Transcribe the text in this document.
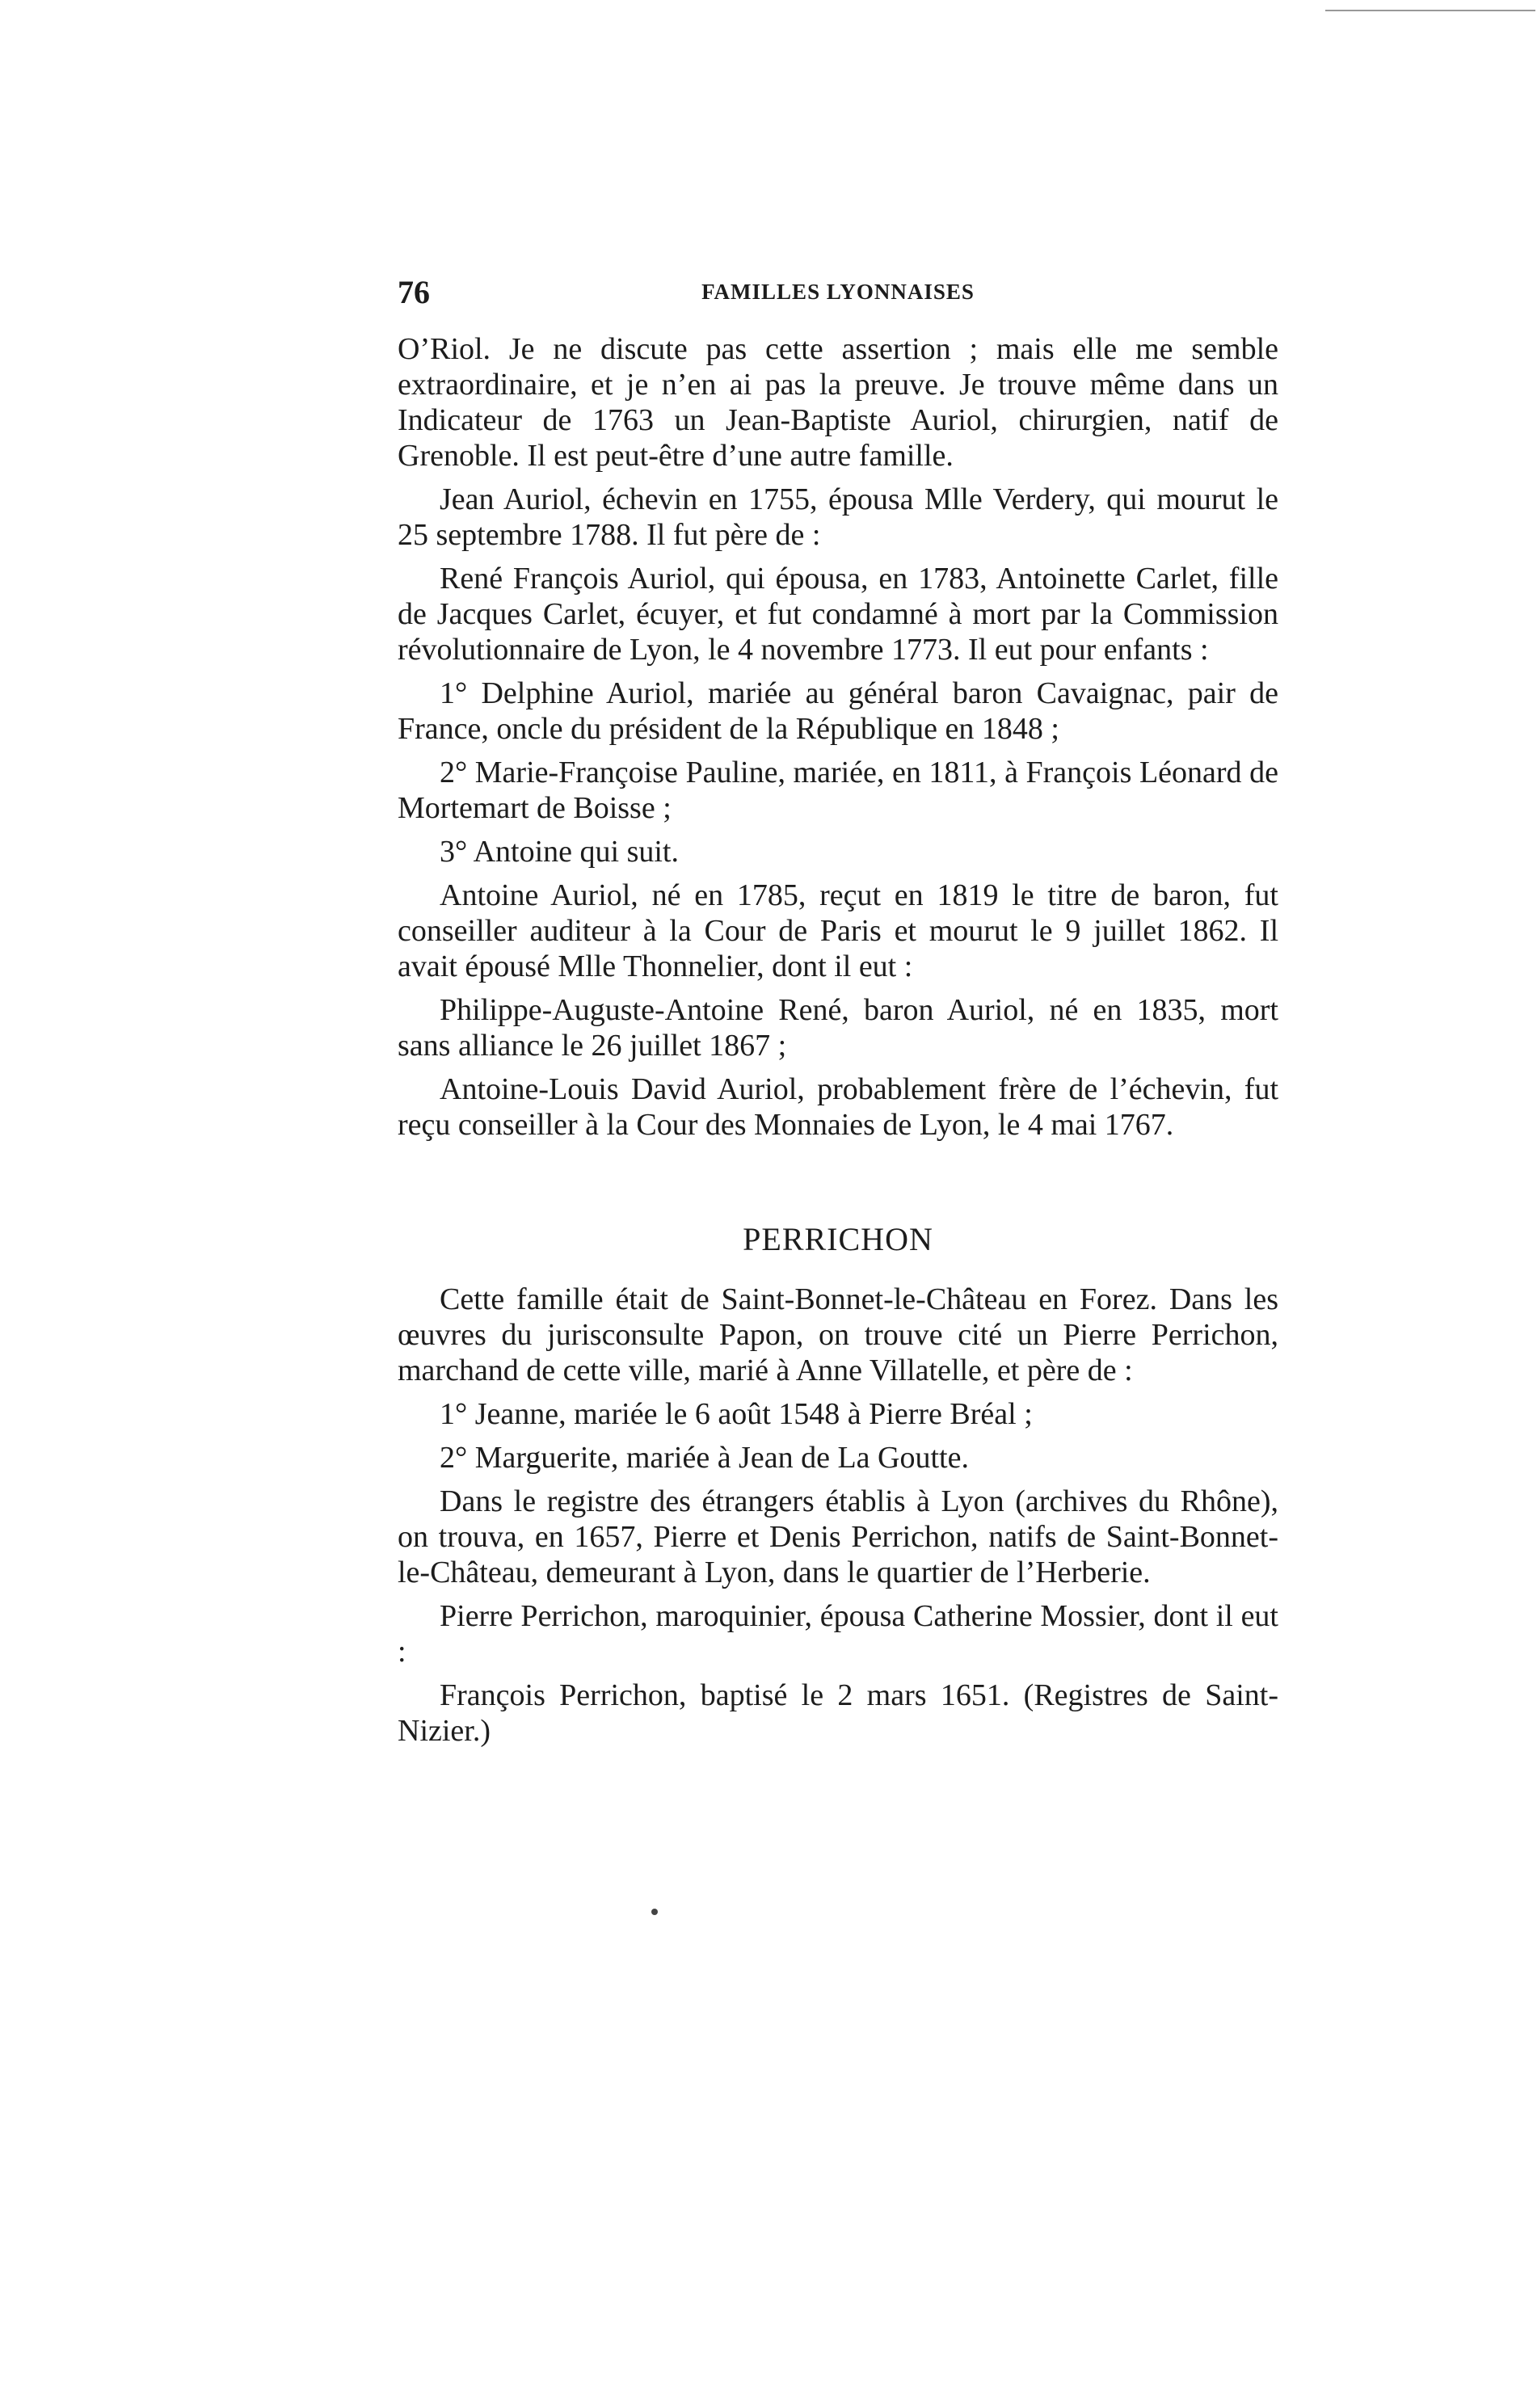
76	FAMILLES LYONNAISES

O’Riol. Je ne discute pas cette assertion ; mais elle me semble extraordinaire, et je n’en ai pas la preuve. Je trouve même dans un Indicateur de 1763 un Jean-Baptiste Auriol, chirurgien, natif de Grenoble. Il est peut-être d’une autre famille.

Jean Auriol, échevin en 1755, épousa Mlle Verdery, qui mourut le 25 septembre 1788. Il fut père de :

René François Auriol, qui épousa, en 1783, Antoinette Carlet, fille de Jacques Carlet, écuyer, et fut condamné à mort par la Commission révolutionnaire de Lyon, le 4 novembre 1773. Il eut pour enfants :

1° Delphine Auriol, mariée au général baron Cavaignac, pair de France, oncle du président de la République en 1848 ;

2° Marie-Françoise Pauline, mariée, en 1811, à François Léonard de Mortemart de Boisse ;

3° Antoine qui suit.

Antoine Auriol, né en 1785, reçut en 1819 le titre de baron, fut conseiller auditeur à la Cour de Paris et mourut le 9 juillet 1862. Il avait épousé Mlle Thonnelier, dont il eut :

Philippe-Auguste-Antoine René, baron Auriol, né en 1835, mort sans alliance le 26 juillet 1867 ;

Antoine-Louis David Auriol, probablement frère de l’échevin, fut reçu conseiller à la Cour des Monnaies de Lyon, le 4 mai 1767.

PERRICHON

Cette famille était de Saint-Bonnet-le-Château en Forez. Dans les œuvres du jurisconsulte Papon, on trouve cité un Pierre Perrichon, marchand de cette ville, marié à Anne Villatelle, et père de :

1° Jeanne, mariée le 6 août 1548 à Pierre Bréal ;

2° Marguerite, mariée à Jean de La Goutte.

Dans le registre des étrangers établis à Lyon (archives du Rhône), on trouva, en 1657, Pierre et Denis Perrichon, natifs de Saint-Bonnet-le-Château, demeurant à Lyon, dans le quartier de l’Herberie.

Pierre Perrichon, maroquinier, épousa Catherine Mossier, dont il eut :

François Perrichon, baptisé le 2 mars 1651. (Registres de Saint-Nizier.)
